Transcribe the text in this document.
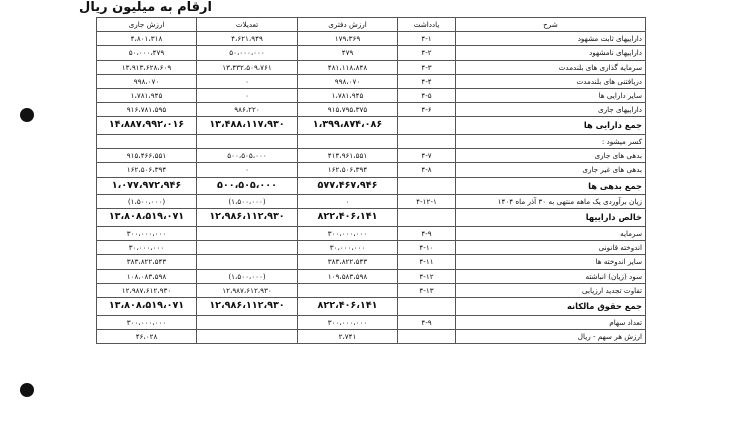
ارقام به میلیون ریال
شرح	یادداشت	ارزش دفتری	تعدیلات	ارزش جاری
داراییهای ثابت مشهود	۴-۱	۱۷۹،۳۶۹	۴،۶۲۱،۹۴۹	۴،۸۰۱،۳۱۸
داراییهای نامشهود	۴-۲	۴۷۹	۵۰،۰۰۰،۰۰۰	۵۰،۰۰۰،۴۷۹
سرمایه گذاری های بلندمدت	۴-۳	۴۸۱،۱۱۸،۸۴۸	۱۳،۴۳۲،۵۰۹،۷۶۱	۱۳،۹۱۳،۶۲۸،۶۰۹
دریافتنی های بلندمدت	۴-۴	۹۹۸،۰۷۰	۰	۹۹۸،۰۷۰
سایر دارایی ها	۴-۵	۱،۷۸۱،۹۴۵	۰	۱،۷۸۱،۹۴۵
داراییهای جاری	۴-۶	۹۱۵،۷۹۵،۳۷۵	۹۸۶،۲۲۰	۹۱۶،۷۸۱،۵۹۵
جمع دارایی ها		۱،۳۹۹،۸۷۴،۰۸۶	۱۳،۴۸۸،۱۱۷،۹۳۰	۱۴،۸۸۷،۹۹۲،۰۱۶
کسر میشود :				
بدهی های جاری	۴-۷	۴۱۴،۹۶۱،۵۵۱	۵۰۰،۵۰۵،۰۰۰	۹۱۵،۴۶۶،۵۵۱
بدهی های غیر جاری	۴-۸	۱۶۲،۵۰۶،۳۹۴	۰	۱۶۲،۵۰۶،۳۹۴
جمع بدهی ها		۵۷۷،۴۶۷،۹۴۶	۵۰۰،۵۰۵،۰۰۰	۱،۰۷۷،۹۷۲،۹۴۶
زیان برآوردی یک ماهه منتهی به ۳۰ آذر ماه ۱۴۰۴	۴-۱۲-۱	۰	(۱،۵۰۰،۰۰۰)	(۱،۵۰۰،۰۰۰)
خالص داراییها		۸۲۲،۴۰۶،۱۴۱	۱۲،۹۸۶،۱۱۲،۹۳۰	۱۳،۸۰۸،۵۱۹،۰۷۱
سرمایه	۴-۹	۳۰۰،۰۰۰،۰۰۰		۳۰۰،۰۰۰،۰۰۰
اندوخته قانونی	۴-۱۰	۳۰،۰۰۰،۰۰۰		۳۰،۰۰۰،۰۰۰
سایر اندوخته ها	۴-۱۱	۳۸۳،۸۲۲،۵۴۳		۳۸۳،۸۲۲،۵۴۳
سود (زیان) انباشته	۴-۱۲	۱۰۹،۵۸۳،۵۹۸	(۱،۵۰۰،۰۰۰)	۱۰۸،۰۸۳،۵۹۸
تفاوت تجدید ارزیابی	۴-۱۳		۱۲،۹۸۷،۶۱۲،۹۳۰	۱۲،۹۸۷،۶۱۲،۹۳۰
جمع حقوق مالکانه		۸۲۲،۴۰۶،۱۴۱	۱۲،۹۸۶،۱۱۲،۹۳۰	۱۳،۸۰۸،۵۱۹،۰۷۱
تعداد سهام	۴-۹	۳۰۰،۰۰۰،۰۰۰		۳۰۰،۰۰۰،۰۰۰
ارزش هر سهم - ریال		۲،۷۴۱		۴۶،۰۲۸
